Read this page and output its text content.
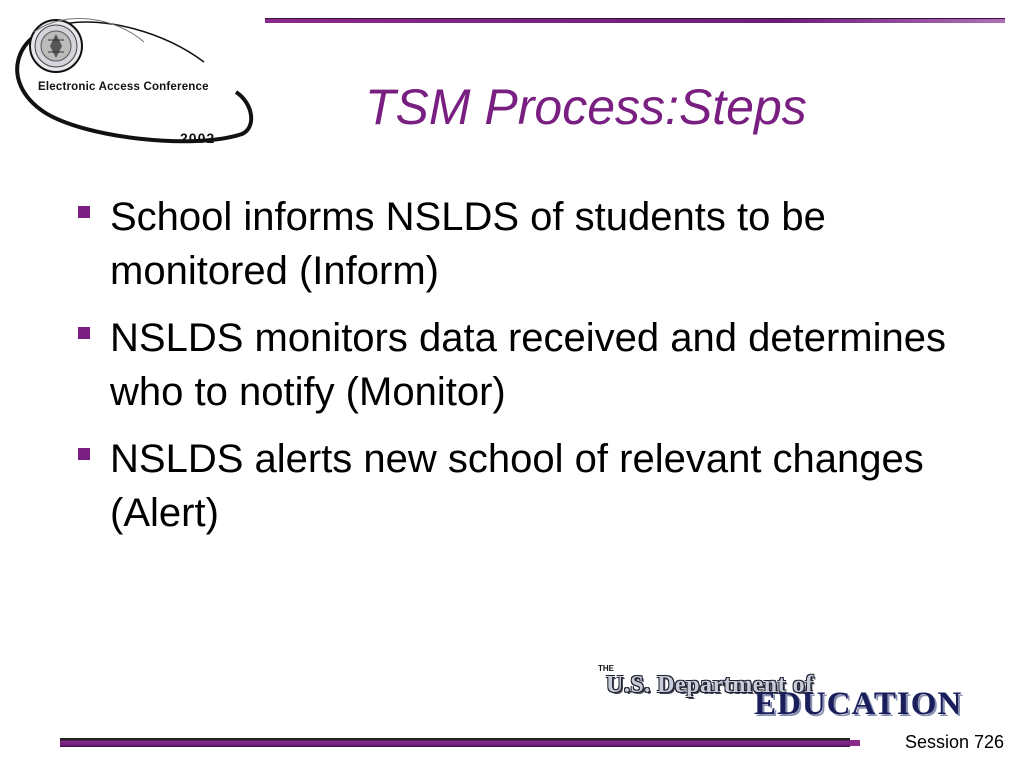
Electronic Access Conference
2002
TSM Process:Steps
School informs NSLDS of students to be monitored (Inform)
NSLDS monitors data received and determines who to notify (Monitor)
NSLDS alerts new school of relevant changes (Alert)
THE
U.S. Department of
EDUCATION
Session 726
